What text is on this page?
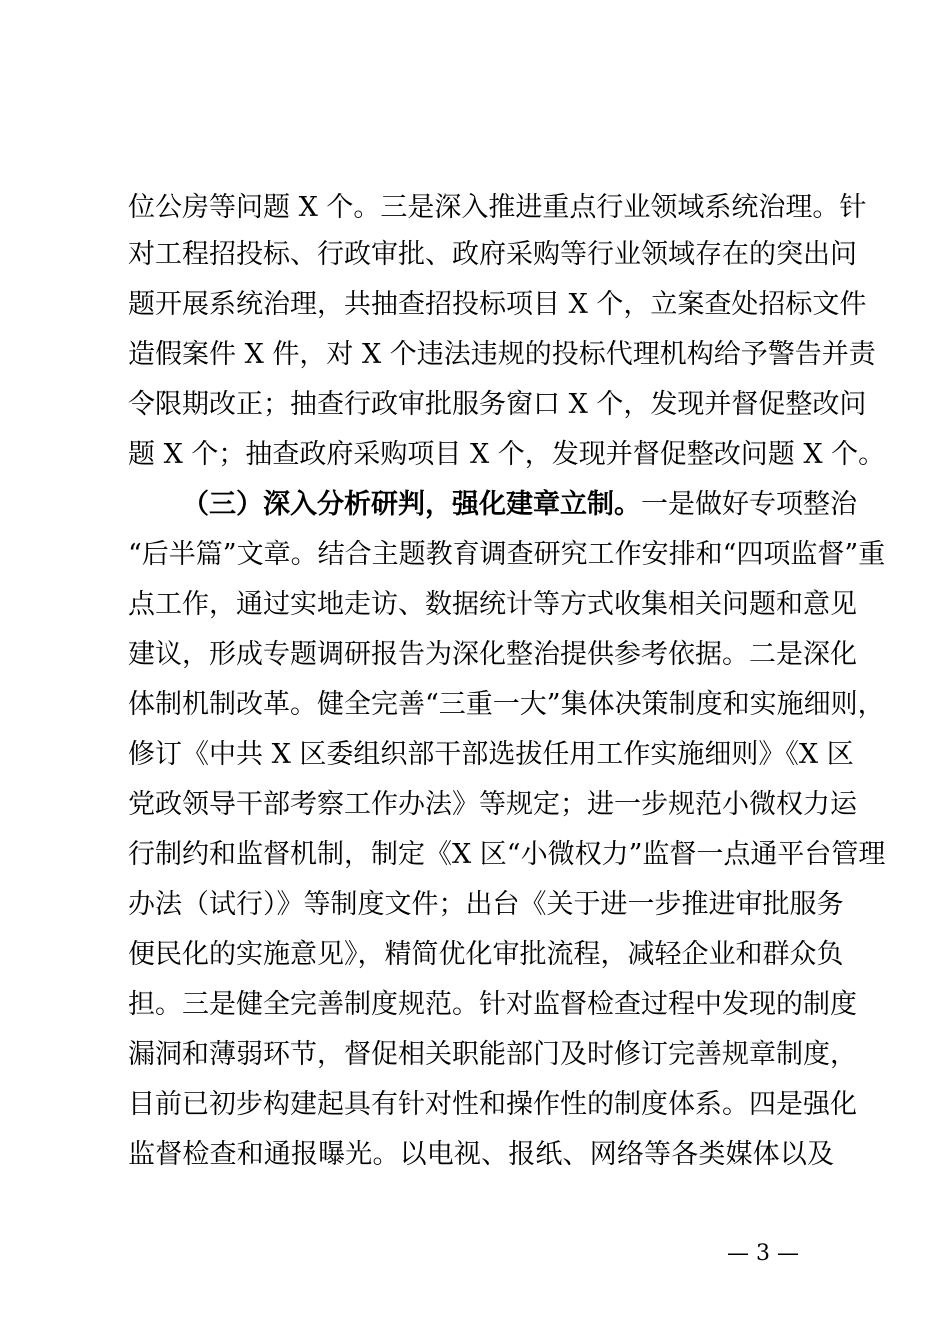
位公房等问题 X 个。三是深入推进重点行业领域系统治理。针
对工程招投标、行政审批、政府采购等行业领域存在的突出问
题开展系统治理，共抽查招投标项目 X 个，立案查处招标文件
造假案件 X 件，对 X 个违法违规的投标代理机构给予警告并责
令限期改正；抽查行政审批服务窗口 X 个，发现并督促整改问
题 X 个；抽查政府采购项目 X 个，发现并督促整改问题 X 个。
（三）深入分析研判，强化建章立制。一是做好专项整治
“后半篇”文章。结合主题教育调查研究工作安排和“四项监督”重
点工作，通过实地走访、数据统计等方式收集相关问题和意见
建议，形成专题调研报告为深化整治提供参考依据。二是深化
体制机制改革。健全完善“三重一大”集体决策制度和实施细则，
修订《中共 X 区委组织部干部选拔任用工作实施细则》《X 区
党政领导干部考察工作办法》等规定；进一步规范小微权力运
行制约和监督机制，制定《X 区“小微权力”监督一点通平台管理
办法（试行）》等制度文件；出台《关于进一步推进审批服务
便民化的实施意见》，精简优化审批流程，减轻企业和群众负
担。三是健全完善制度规范。针对监督检查过程中发现的制度
漏洞和薄弱环节，督促相关职能部门及时修订完善规章制度，
目前已初步构建起具有针对性和操作性的制度体系。四是强化
监督检查和通报曝光。以电视、报纸、网络等各类媒体以及
— 3 —
